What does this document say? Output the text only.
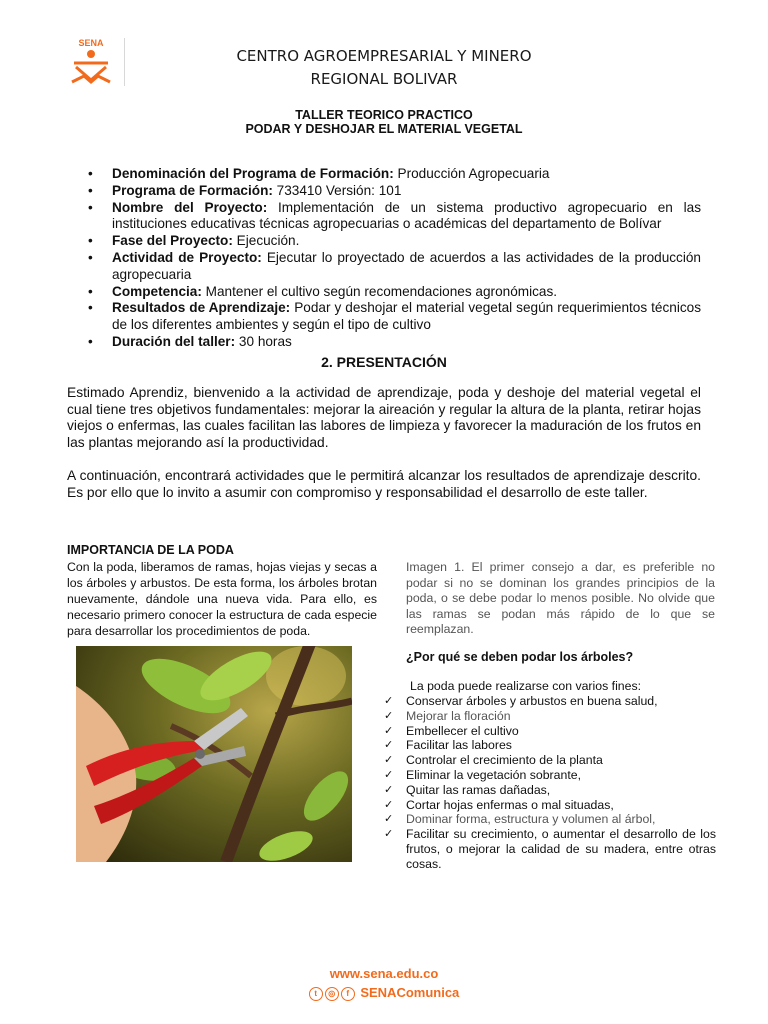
SENA
CENTRO AGROEMPRESARIAL Y MINERO
REGIONAL BOLIVAR
TALLER TEORICO PRACTICO
PODAR Y DESHOJAR EL MATERIAL VEGETAL
• Denominación del Programa de Formación: Producción Agropecuaria
• Programa de Formación: 733410 Versión: 101
• Nombre del Proyecto: Implementación de un sistema productivo agropecuario en las instituciones educativas técnicas agropecuarias o académicas del departamento de Bolívar
• Fase del Proyecto: Ejecución.
• Actividad de Proyecto: Ejecutar lo proyectado de acuerdos a las actividades de la producción agropecuaria
• Competencia: Mantener el cultivo según recomendaciones agronómicas.
• Resultados de Aprendizaje: Podar y deshojar el material vegetal según requerimientos técnicos de los diferentes ambientes y según el tipo de cultivo
• Duración del taller: 30 horas
2. PRESENTACIÓN
Estimado Aprendiz, bienvenido a la actividad de aprendizaje, poda y deshoje del material vegetal el cual tiene tres objetivos fundamentales: mejorar la aireación y regular la altura de la planta, retirar hojas viejos o enfermas, las cuales facilitan las labores de limpieza y favorecer la maduración de los frutos en las plantas mejorando así la productividad.
A continuación, encontrará actividades que le permitirá alcanzar los resultados de aprendizaje descrito. Es por ello que lo invito a asumir con compromiso y responsabilidad el desarrollo de este taller.
IMPORTANCIA DE LA PODA
Con la poda, liberamos de ramas, hojas viejas y secas a los árboles y arbustos. De esta forma, los árboles brotan nuevamente, dándole una nueva vida. Para ello, es necesario primero conocer la estructura de cada especie para desarrollar los procedimientos de poda.
Imagen 1. El primer consejo a dar, es preferible no podar si no se dominan los grandes principios de la poda, o se debe podar lo menos posible. No olvide que las ramas se podan más rápido de lo que se reemplazan.
¿Por qué se deben podar los árboles?
La poda puede realizarse con varios fines:
✓ Conservar árboles y arbustos en buena salud,
✓ Mejorar la floración
✓ Embellecer el cultivo
✓ Facilitar las labores
✓ Controlar el crecimiento de la planta
✓ Eliminar la vegetación sobrante,
✓ Quitar las ramas dañadas,
✓ Cortar hojas enfermas o mal situadas,
✓ Dominar forma, estructura y volumen al árbol,
✓ Facilitar su crecimiento, o aumentar el desarrollo de los frutos, o mejorar la calidad de su madera, entre otras cosas.
www.sena.edu.co
t ◎ f SENAComunica
